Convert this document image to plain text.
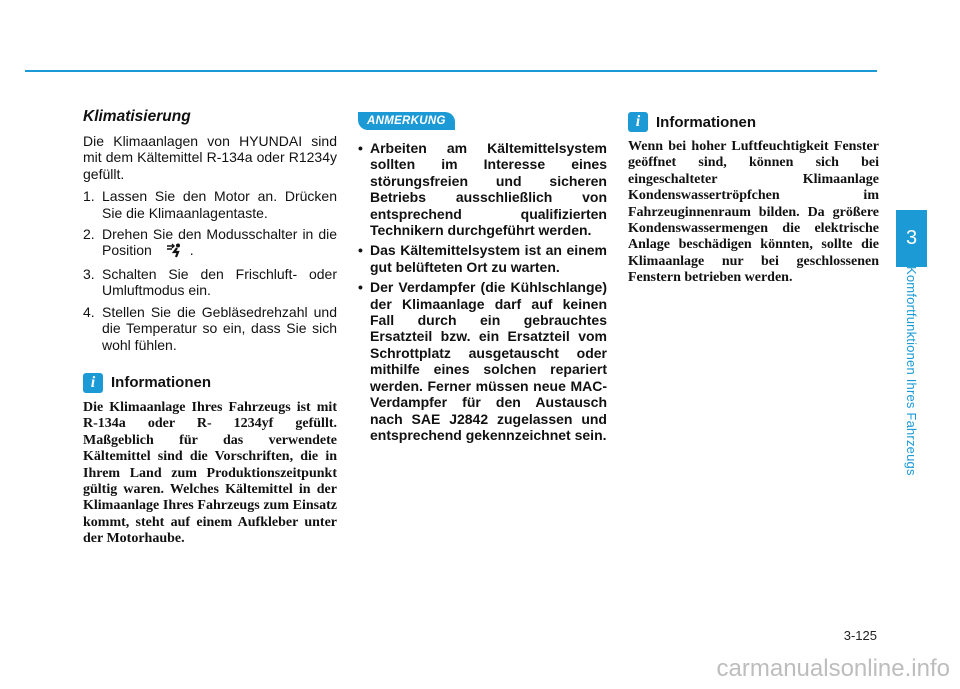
Klimatisierung

Die Klimaanlagen von HYUNDAI sind mit dem Kältemittel R-134a oder R1234y gefüllt.

1. Lassen Sie den Motor an. Drücken Sie die Klimaanlagentaste.
2. Drehen Sie den Modusschalter in die Position	.
3. Schalten Sie den Frischluft- oder Umluftmodus ein.
4. Stellen Sie die Gebläsedrehzahl und die Temperatur so ein, dass Sie sich wohl fühlen.
i	Informationen

Die Klimaanlage Ihres Fahrzeugs ist mit R-134a oder R- 1234yf gefüllt. Maßgeblich für das verwendete Kältemittel sind die Vorschriften, die in Ihrem Land zum Produktionszeitpunkt gültig waren. Welches Kältemittel in der Klimaanlage Ihres Fahrzeugs zum Einsatz kommt, steht auf einem Aufkleber unter der Motorhaube.

ANMERKUNG
• Arbeiten am Kältemittelsystem sollten im Interesse eines störungsfreien und sicheren Betriebs ausschließlich von entsprechend qualifizierten Technikern durchgeführt werden.
• Das Kältemittelsystem ist an einem gut belüfteten Ort zu warten.
• Der Verdampfer (die Kühlschlange) der Klimaanlage darf auf keinen Fall durch ein gebrauchtes Ersatzteil bzw. ein Ersatzteil vom Schrottplatz ausgetauscht oder mithilfe eines solchen repariert werden. Ferner müssen neue MAC-Verdampfer für den Austausch nach SAE J2842 zugelassen und entsprechend gekennzeichnet sein.
i	Informationen

Wenn bei hoher Luftfeuchtigkeit Fenster geöffnet sind, können sich bei eingeschalteter Klimaanlage Kondenswassertröpfchen im Fahrzeuginnenraum bilden. Da größere Kondenswassermengen die elektrische Anlage beschädigen könnten, sollte die Klimaanlage nur bei geschlossenen Fenstern betrieben werden.

3
Komfortfunktionen Ihres Fahrzeugs
3-125
carmanualsonline.info
